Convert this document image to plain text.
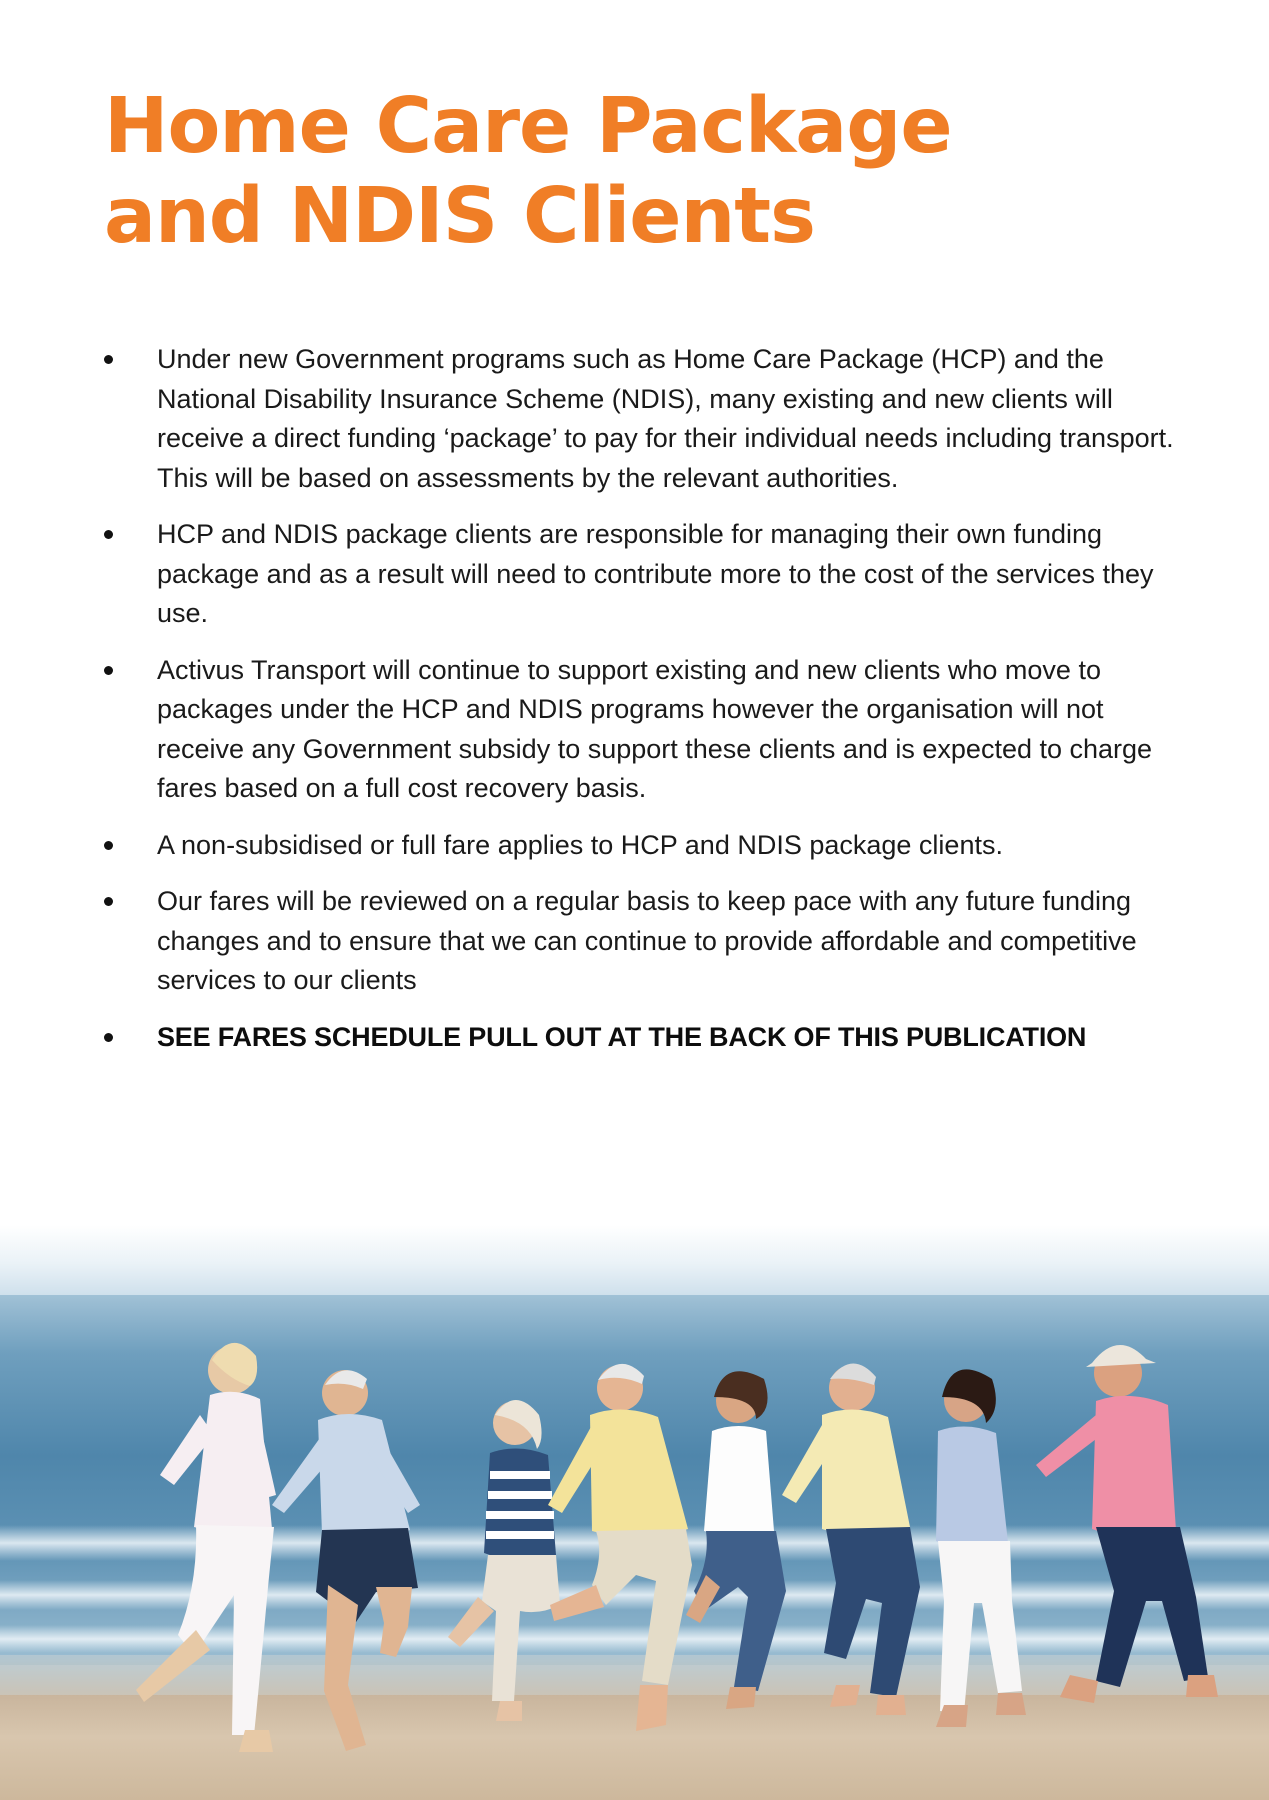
Home Care Package
and NDIS Clients
Under new Government programs such as Home Care Package (HCP) and the National Disability Insurance Scheme (NDIS), many existing and new clients will receive a direct funding ‘package’ to pay for their individual needs including transport. This will be based on assessments by the relevant authorities.
HCP and NDIS package clients are responsible for managing their own funding package and as a result will need to contribute more to the cost of the services they use.
Activus Transport will continue to support existing and new clients who move to packages under the HCP and NDIS programs however the organisation will not receive any Government subsidy to support these clients and is expected to charge fares based on a full cost recovery basis.
A non-subsidised or full fare applies to HCP and NDIS package clients.
Our fares will be reviewed on a regular basis to keep pace with any future funding changes and to ensure that we can continue to provide affordable and competitive services to our clients
SEE FARES SCHEDULE PULL OUT AT THE BACK OF THIS PUBLICATION
